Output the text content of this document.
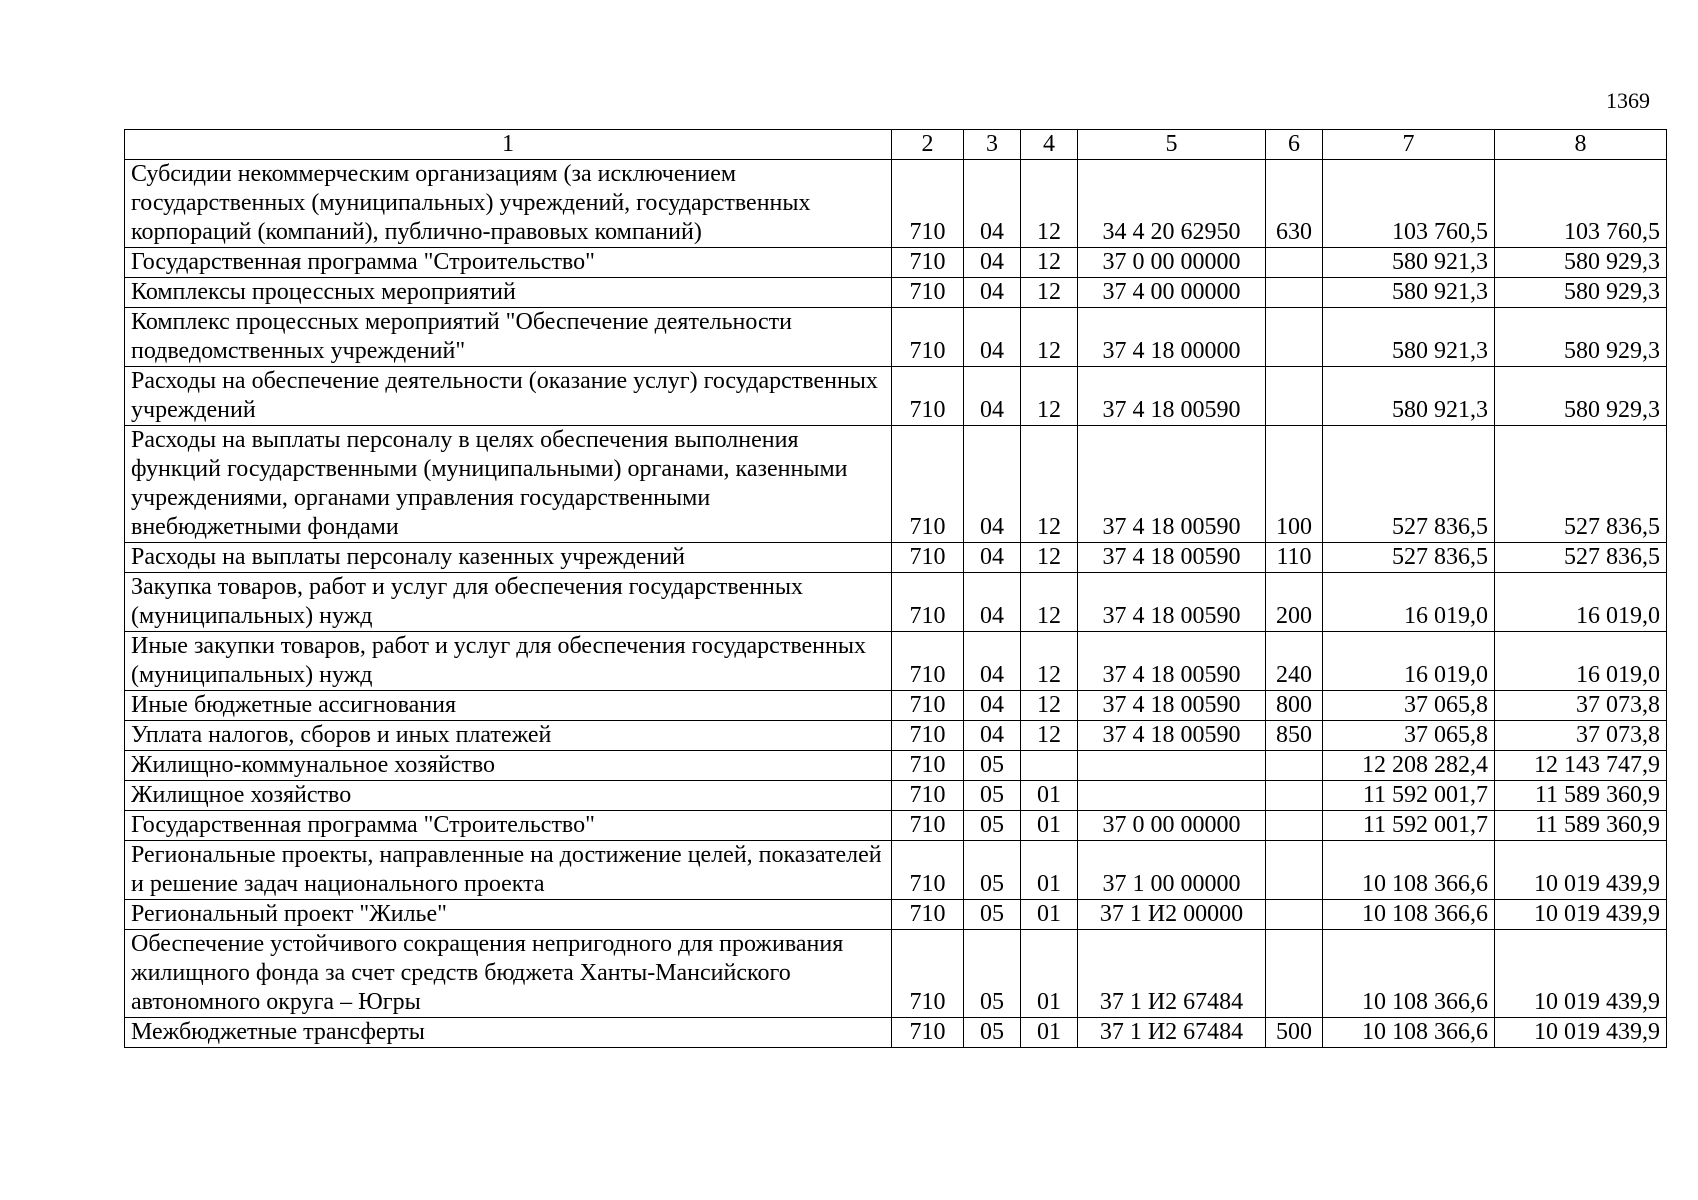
1369
1	2	3	4	5	6	7	8
Субсидии некоммерческим организациям (за исключением государственных (муниципальных) учреждений, государственных корпораций (компаний), публично-правовых компаний)	710	04	12	34 4 20 62950	630	103 760,5	103 760,5
Государственная программа "Строительство"	710	04	12	37 0 00 00000		580 921,3	580 929,3
Комплексы процессных мероприятий	710	04	12	37 4 00 00000		580 921,3	580 929,3
Комплекс процессных мероприятий "Обеспечение деятельности подведомственных учреждений"	710	04	12	37 4 18 00000		580 921,3	580 929,3
Расходы на обеспечение деятельности (оказание услуг) государственных учреждений	710	04	12	37 4 18 00590		580 921,3	580 929,3
Расходы на выплаты персоналу в целях обеспечения выполнения функций государственными (муниципальными) органами, казенными учреждениями, органами управления государственными внебюджетными фондами	710	04	12	37 4 18 00590	100	527 836,5	527 836,5
Расходы на выплаты персоналу казенных учреждений	710	04	12	37 4 18 00590	110	527 836,5	527 836,5
Закупка товаров, работ и услуг для обеспечения государственных (муниципальных) нужд	710	04	12	37 4 18 00590	200	16 019,0	16 019,0
Иные закупки товаров, работ и услуг для обеспечения государственных (муниципальных) нужд	710	04	12	37 4 18 00590	240	16 019,0	16 019,0
Иные бюджетные ассигнования	710	04	12	37 4 18 00590	800	37 065,8	37 073,8
Уплата налогов, сборов и иных платежей	710	04	12	37 4 18 00590	850	37 065,8	37 073,8
Жилищно-коммунальное хозяйство	710	05				12 208 282,4	12 143 747,9
Жилищное хозяйство	710	05	01			11 592 001,7	11 589 360,9
Государственная программа "Строительство"	710	05	01	37 0 00 00000		11 592 001,7	11 589 360,9
Региональные проекты, направленные на достижение целей, показателей и решение задач национального проекта	710	05	01	37 1 00 00000		10 108 366,6	10 019 439,9
Региональный проект "Жилье"	710	05	01	37 1 И2 00000		10 108 366,6	10 019 439,9
Обеспечение устойчивого сокращения непригодного для проживания жилищного фонда за счет средств бюджета Ханты-Мансийского автономного округа – Югры	710	05	01	37 1 И2 67484		10 108 366,6	10 019 439,9
Межбюджетные трансферты	710	05	01	37 1 И2 67484	500	10 108 366,6	10 019 439,9
